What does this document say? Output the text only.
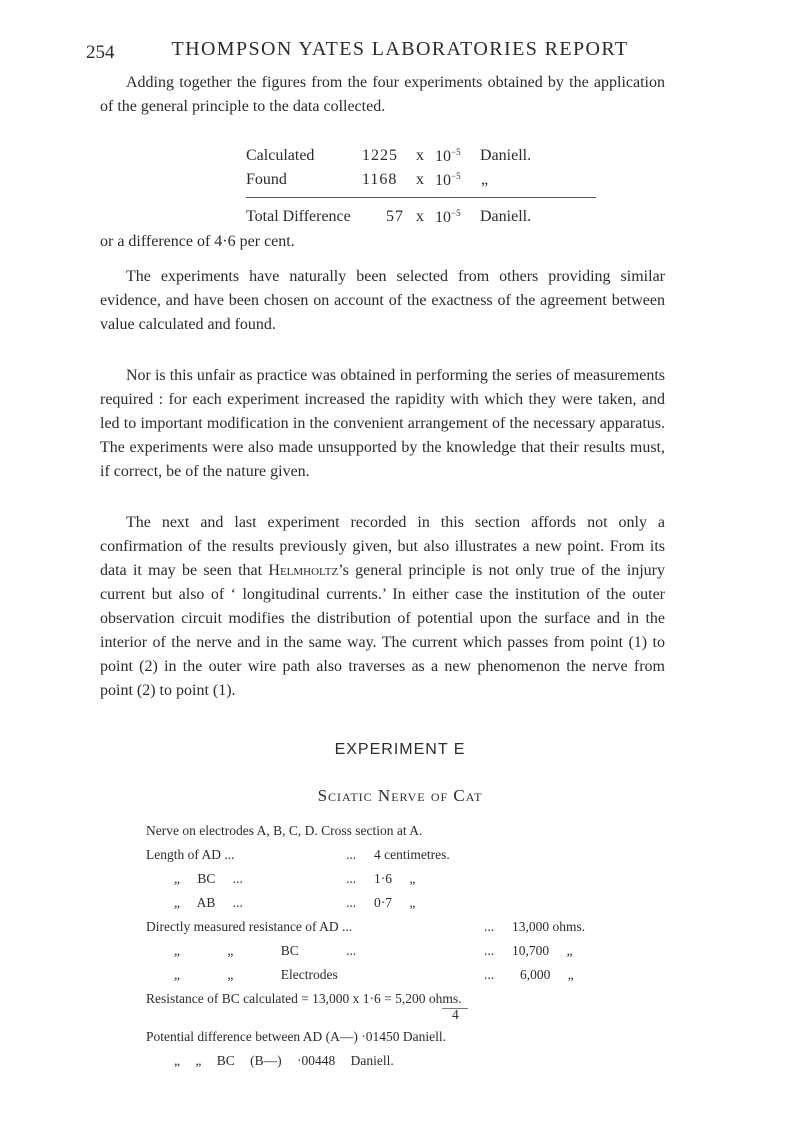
254	THOMPSON YATES LABORATORIES REPORT
Adding together the figures from the four experiments obtained by the application of the general principle to the data collected.
Calculated	1225 x $10^{-5}$ Daniell.
Found	1168 x $10^{-5}$ „
Total Difference 57 x $10^{-5}$ Daniell.
or a difference of 4·6 per cent.
The experiments have naturally been selected from others providing similar evidence, and have been chosen on account of the exactness of the agreement between value calculated and found.
Nor is this unfair as practice was obtained in performing the series of measurements required : for each experiment increased the rapidity with which they were taken, and led to important modification in the convenient arrangement of the necessary apparatus. The experiments were also made unsupported by the knowledge that their results must, if correct, be of the nature given.
The next and last experiment recorded in this section affords not only a confirmation of the results previously given, but also illustrates a new point. From its data it may be seen that Helmholtz’s general principle is not only true of the injury current but also of ‘ longitudinal currents.’ In either case the institution of the outer observation circuit modifies the distribution of potential upon the surface and in the interior of the nerve and in the same way. The current which passes from point (1) to point (2) in the outer wire path also traverses as a new phenomenon the nerve from point (2) to point (1).
EXPERIMENT E
Sciatic Nerve of Cat
Nerve on electrodes A, B, C, D. Cross section at A.
Length of AD ...	... 4 centimetres.
„ BC ...	... 1·6 „
„ AB ...	... 0·7 „
Directly measured resistance of AD ...	... 13,000 ohms.
„ „ BC ...	... 10,700 „
„ „ Electrodes	... 6,000 „
Resistance of BC calculated = 13,000 x 1·6 = 5,200 ohms.
4
Potential difference between AD (A—) ·01450 Daniell.
„ „ BC (B—) ·00448 Daniell.
